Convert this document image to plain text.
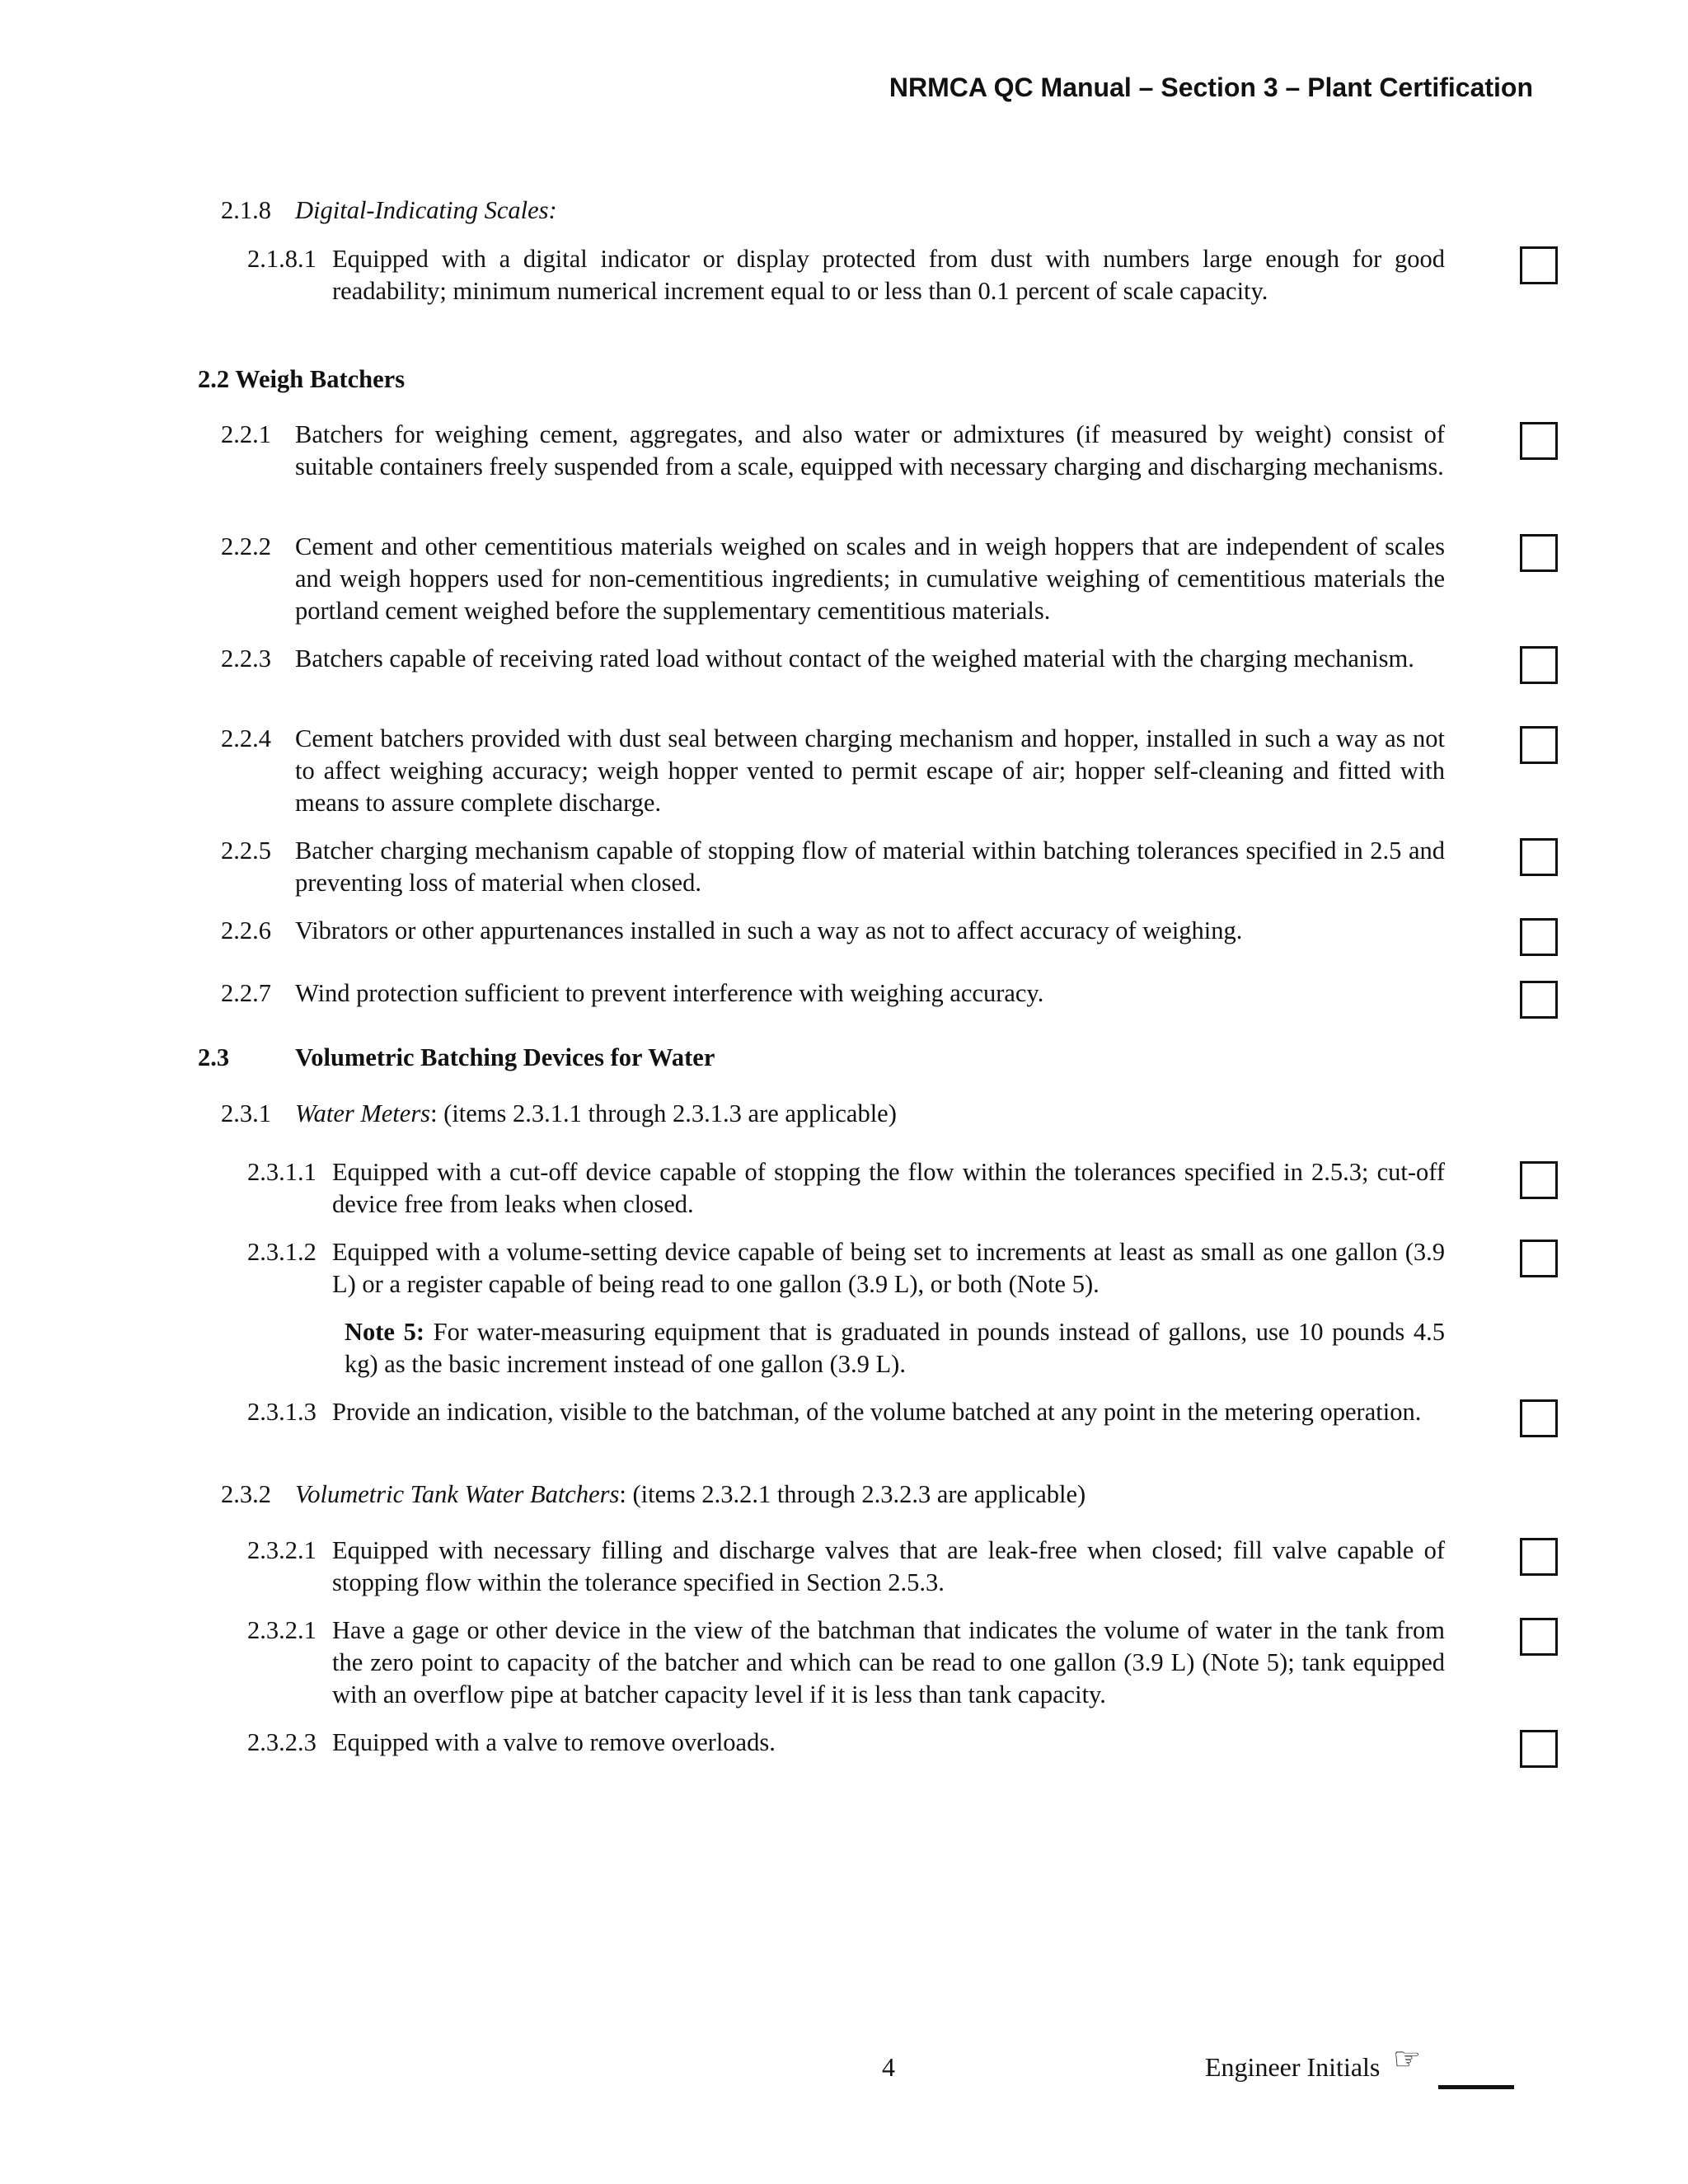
NRMCA QC Manual – Section 3 – Plant Certification
2.1.8 Digital-Indicating Scales:
2.1.8.1 Equipped with a digital indicator or display protected from dust with numbers large enough for good readability; minimum numerical increment equal to or less than 0.1 percent of scale capacity.
2.2 Weigh Batchers
2.2.1 Batchers for weighing cement, aggregates, and also water or admixtures (if measured by weight) consist of suitable containers freely suspended from a scale, equipped with necessary charging and discharging mechanisms.
2.2.2 Cement and other cementitious materials weighed on scales and in weigh hoppers that are independent of scales and weigh hoppers used for non-cementitious ingredients; in cumulative weighing of cementitious materials the portland cement weighed before the supplementary cementitious materials.
2.2.3 Batchers capable of receiving rated load without contact of the weighed material with the charging mechanism.
2.2.4 Cement batchers provided with dust seal between charging mechanism and hopper, installed in such a way as not to affect weighing accuracy; weigh hopper vented to permit escape of air; hopper self-cleaning and fitted with means to assure complete discharge.
2.2.5 Batcher charging mechanism capable of stopping flow of material within batching tolerances specified in 2.5 and preventing loss of material when closed.
2.2.6 Vibrators or other appurtenances installed in such a way as not to affect accuracy of weighing.
2.2.7 Wind protection sufficient to prevent interference with weighing accuracy.
2.3	Volumetric Batching Devices for Water
2.3.1 Water Meters: (items 2.3.1.1 through 2.3.1.3 are applicable)
2.3.1.1 Equipped with a cut-off device capable of stopping the flow within the tolerances specified in 2.5.3; cut-off device free from leaks when closed.
2.3.1.2 Equipped with a volume-setting device capable of being set to increments at least as small as one gallon (3.9 L) or a register capable of being read to one gallon (3.9 L), or both (Note 5).
Note 5: For water-measuring equipment that is graduated in pounds instead of gallons, use 10 pounds 4.5 kg) as the basic increment instead of one gallon (3.9 L).
2.3.1.3 Provide an indication, visible to the batchman, of the volume batched at any point in the metering operation.
2.3.2 Volumetric Tank Water Batchers: (items 2.3.2.1 through 2.3.2.3 are applicable)
2.3.2.1 Equipped with necessary filling and discharge valves that are leak-free when closed; fill valve capable of stopping flow within the tolerance specified in Section 2.5.3.
2.3.2.1 Have a gage or other device in the view of the batchman that indicates the volume of water in the tank from the zero point to capacity of the batcher and which can be read to one gallon (3.9 L) (Note 5); tank equipped with an overflow pipe at batcher capacity level if it is less than tank capacity.
2.3.2.3 Equipped with a valve to remove overloads.
4	Engineer Initials ☞
